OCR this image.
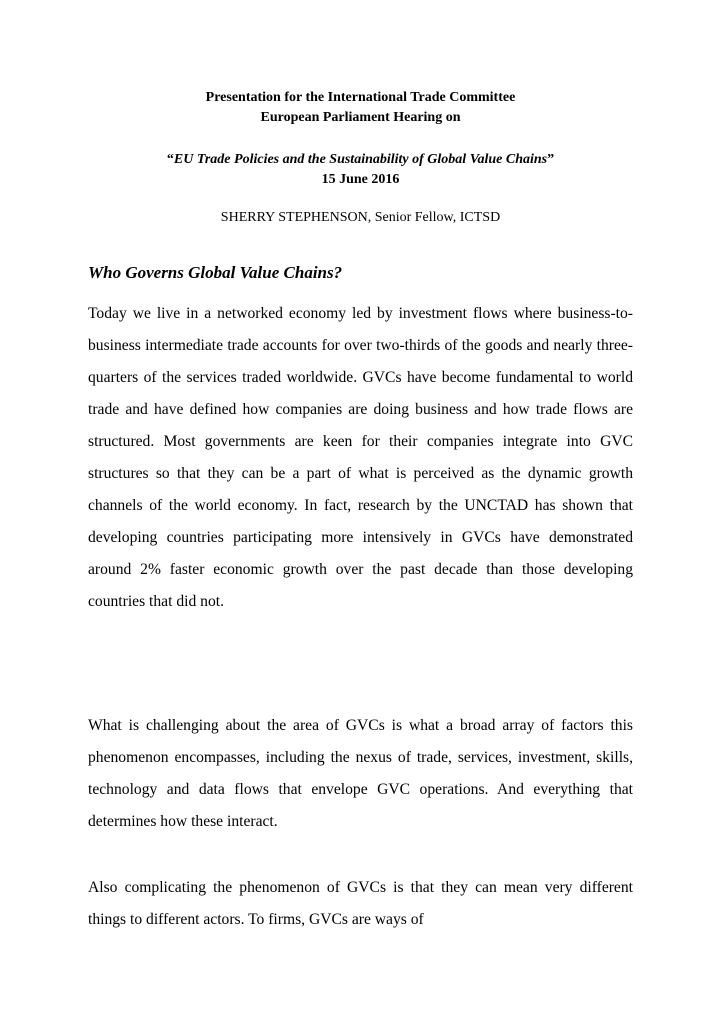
Presentation for the International Trade Committee
European Parliament Hearing on
“EU Trade Policies and the Sustainability of Global Value Chains”
15 June 2016
SHERRY STEPHENSON, Senior Fellow, ICTSD
Who Governs Global Value Chains?
Today we live in a networked economy led by investment flows where business-to-business intermediate trade accounts for over two-thirds of the goods and nearly three-quarters of the services traded worldwide. GVCs have become fundamental to world trade and have defined how companies are doing business and how trade flows are structured. Most governments are keen for their companies integrate into GVC structures so that they can be a part of what is perceived as the dynamic growth channels of the world economy. In fact, research by the UNCTAD has shown that developing countries participating more intensively in GVCs have demonstrated around 2% faster economic growth over the past decade than those developing countries that did not.
What is challenging about the area of GVCs is what a broad array of factors this phenomenon encompasses, including the nexus of trade, services, investment, skills, technology and data flows that envelope GVC operations. And everything that determines how these interact.
Also complicating the phenomenon of GVCs is that they can mean very different things to different actors. To firms, GVCs are ways of
